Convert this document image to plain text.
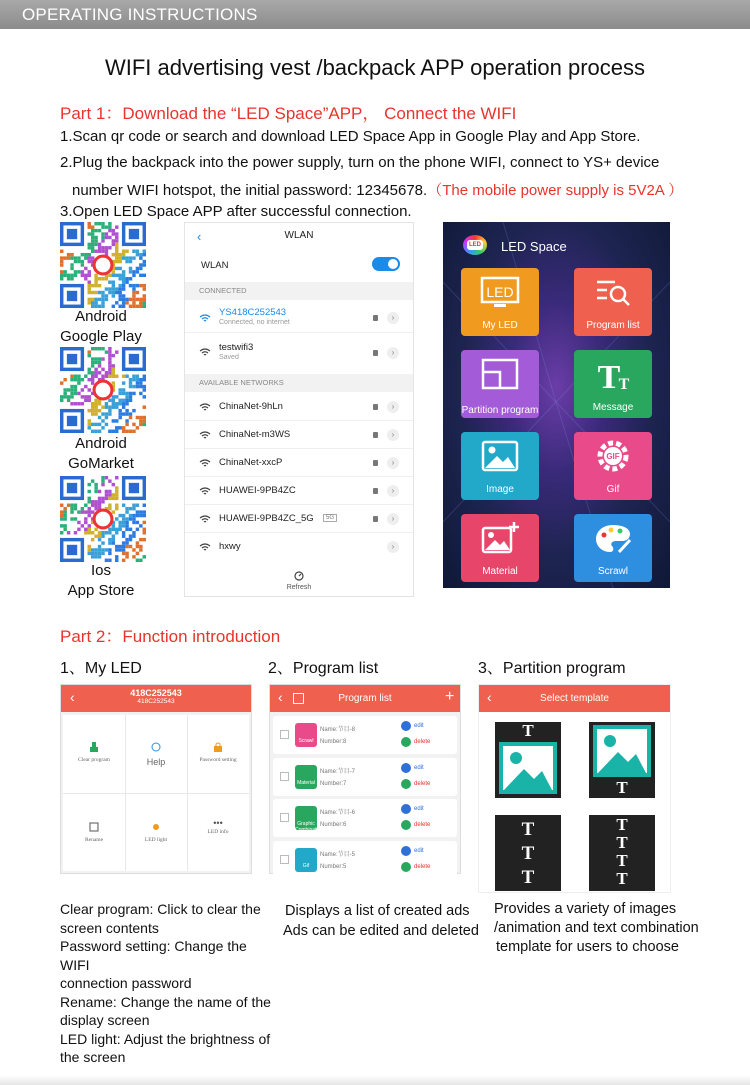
OPERATING INSTRUCTIONS
WIFI advertising vest /backpack APP operation process
Part 1：Download the “LED Space”APP， Connect the WIFI
1.Scan qr code or search and download LED Space App in Google Play and App Store.
2.Plug the backpack into the power supply, turn on the phone WIFI, connect to YS+ device
number WIFI hotspot, the initial password: 12345678.（The mobile power supply is 5V2A ）
3.Open LED Space APP after successful connection.
Android
Google Play
Android
GoMarket
Ios
App Store
‹	WLAN
WLAN
CONNECTED
YS418C252543
Connected, no internet
›
testwifi3
Saved
›
AVAILABLE NETWORKS
ChinaNet-9hLn	›
ChinaNet-m3WS	›
ChinaNet-xxcP	›
HUAWEI-9PB4ZC	›
HUAWEI-9PB4ZC_5G	5G	›
hxwy	›
Refresh
LED LED Space
LED
My LED	Program list
Partition program
T
T
Message
Image
GIF
Gif
Material	Scrawl
Part 2：Function introduction
1、My LED	2、Program list	3、Partition program
‹	418C252543
418C252543
Clear program	Help	Password setting
Rename	LED light
•••
LED info
‹	Program list	+
Scrawl
Name:节目-8
Number:8
edit
delete
Material
Name:节目-7
Number:7
edit
delete
Graphic Combination
Name:节目-6
Number:6
edit
delete
Gif
Name:节目-5
Number:5
edit
delete
‹	Select template
T
T
T
T
T
T
T
T
T
Clear program: Click to clear the
screen contents
Password setting: Change the WIFI
connection password
Rename: Change the name of the
display screen
LED light: Adjust the brightness of
the screen
Displays a list of created ads
Ads can be edited and deleted
Provides a variety of images
/animation and text combination
template for users to choose
